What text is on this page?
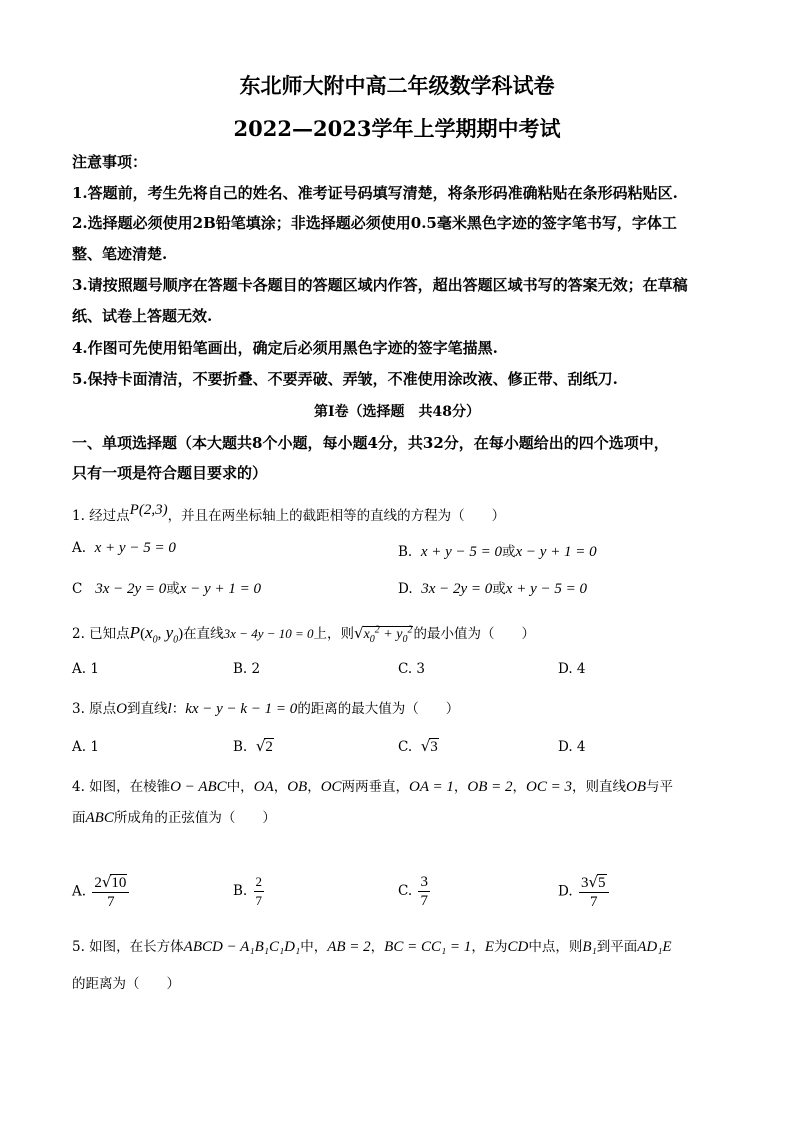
东北师大附中高二年级数学科试卷
2022—2023学年上学期期中考试
注意事项：
1.答题前，考生先将自己的姓名、准考证号码填写清楚，将条形码准确粘贴在条形码粘贴区.
2.选择题必须使用2B铅笔填涂；非选择题必须使用0.5毫米黑色字迹的签字笔书写，字体工
整、笔迹清楚.
3.请按照题号顺序在答题卡各题目的答题区域内作答，超出答题区域书写的答案无效；在草稿
纸、试卷上答题无效.
4.作图可先使用铅笔画出，确定后必须用黑色字迹的签字笔描黑.
5.保持卡面清洁，不要折叠、不要弄破、弄皱，不准使用涂改液、修正带、刮纸刀.
第Ⅰ卷（选择题　共48分）
一、单项选择题（本大题共8个小题，每小题4分，共32分，在每小题给出的四个选项中，
只有一项是符合题目要求的）
1. 经过点P(2,3)，并且在两坐标轴上的截距相等的直线的方程为（　　）
A. x + y − 5 = 0	B. x + y − 5 = 0或x − y + 1 = 0
C 3x − 2y = 0或x − y + 1 = 0	D. 3x − 2y = 0或x + y − 5 = 0
2. 已知点$P(x_0$, $y_0$)在直线3x − 4y − 10 = 0上，则$√x_0^2 + y_0^2$的最小值为（　　）
A. 1	B. 2	C. 3	D. 4
3. 原点O到直线l：kx − y − k − 1 = 0的距离的最大值为（　　）
A. 1	B. √2	C. √3	D. 4
4. 如图，在棱锥O − ABC中，OA，OB，OC两两垂直，OA = 1，OB = 2，OC = 3，则直线OB与平
面ABC所成角的正弦值为（　　）
A. $\frac{2√10}{7}$	B. $\frac{2}{7}$	C. $\frac{3}{7}$	D. $\frac{3√5}{7}$
5. 如图，在长方体ABCD − A₁B₁C₁D₁中，AB = 2，BC = CC₁ = 1，E为CD中点，则B₁到平面AD₁E
的距离为（　　）
